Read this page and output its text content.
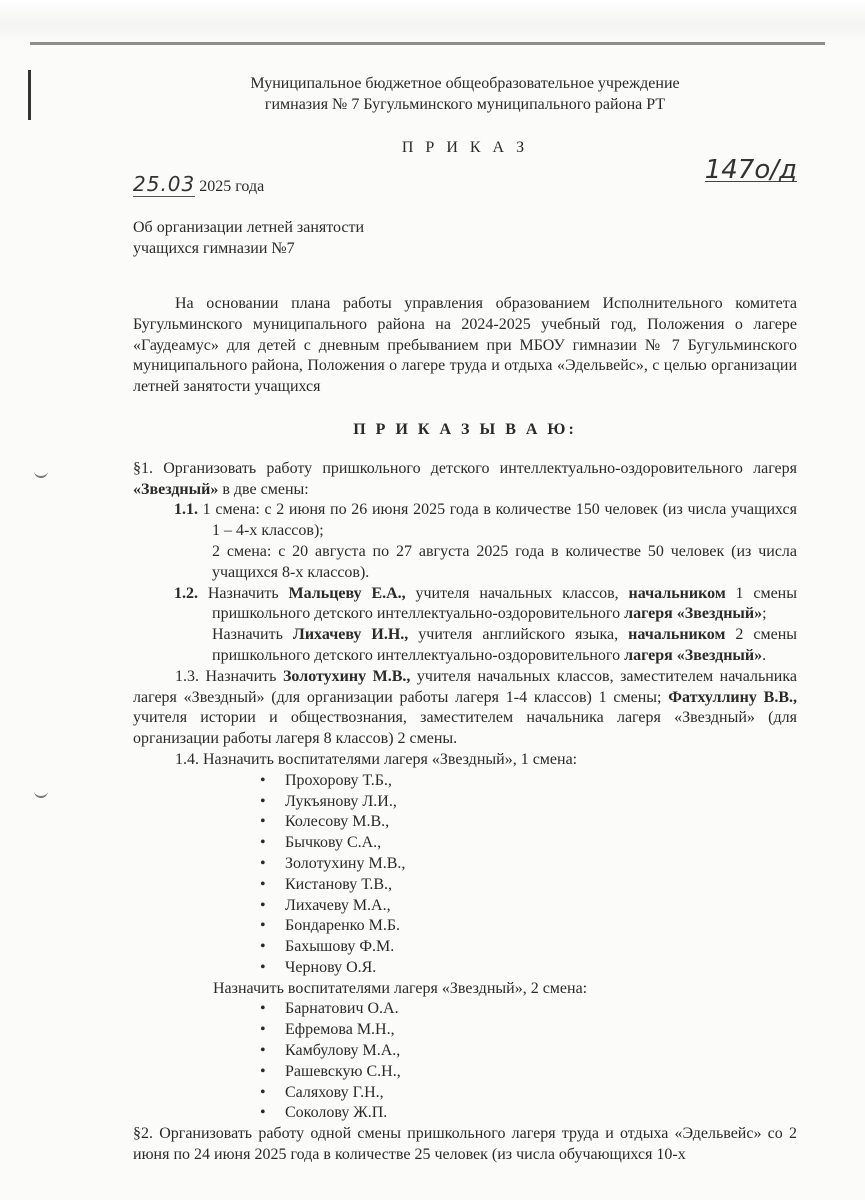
Муниципальное бюджетное общеобразовательное учреждение
гимназия № 7 Бугульминского муниципального района РТ
П Р И К А З
25.03 2025 года
147о/д
Об организации летней занятости
учащихся гимназии №7
На основании плана работы управления образованием Исполнительного комитета Бугульминского муниципального района на 2024-2025 учебный год, Положения о лагере «Гаудеамус» для детей с дневным пребыванием при МБОУ гимназии № 7 Бугульминского муниципального района, Положения о лагере труда и отдыха «Эдельвейс», с целью организации летней занятости учащихся
П Р И К А З Ы В А Ю:
§1. Организовать работу пришкольного детского интеллектуально-оздоровительного лагеря «Звездный» в две смены:
1.1. 1 смена: с 2 июня по 26 июня 2025 года в количестве 150 человек (из числа учащихся 1 – 4-х классов);
2 смена: с 20 августа по 27 августа 2025 года в количестве 50 человек (из числа учащихся 8-х классов).
1.2. Назначить Мальцеву Е.А., учителя начальных классов, начальником 1 смены пришкольного детского интеллектуально-оздоровительного лагеря «Звездный»;
Назначить Лихачеву И.Н., учителя английского языка, начальником 2 смены пришкольного детского интеллектуально-оздоровительного лагеря «Звездный».
1.3. Назначить Золотухину М.В., учителя начальных классов, заместителем начальника лагеря «Звездный» (для организации работы лагеря 1-4 классов) 1 смены; Фатхуллину В.В., учителя истории и обществознания, заместителем начальника лагеря «Звездный» (для организации работы лагеря 8 классов) 2 смены.
1.4. Назначить воспитателями лагеря «Звездный», 1 смена:
• Прохорову Т.Б.,
• Лукъянову Л.И.,
• Колесову М.В.,
• Бычкову С.А.,
• Золотухину М.В.,
• Кистанову Т.В.,
• Лихачеву М.А.,
• Бондаренко М.Б.
• Бахышову Ф.М.
• Чернову О.Я.
Назначить воспитателями лагеря «Звездный», 2 смена:
• Барнатович О.А.
• Ефремова М.Н.,
• Камбулову М.А.,
• Рашевскую С.Н.,
• Саляхову Г.Н.,
• Соколову Ж.П.
§2. Организовать работу одной смены пришкольного лагеря труда и отдыха «Эдельвейс» со 2 июня по 24 июня 2025 года в количестве 25 человек (из числа обучающихся 10-х
